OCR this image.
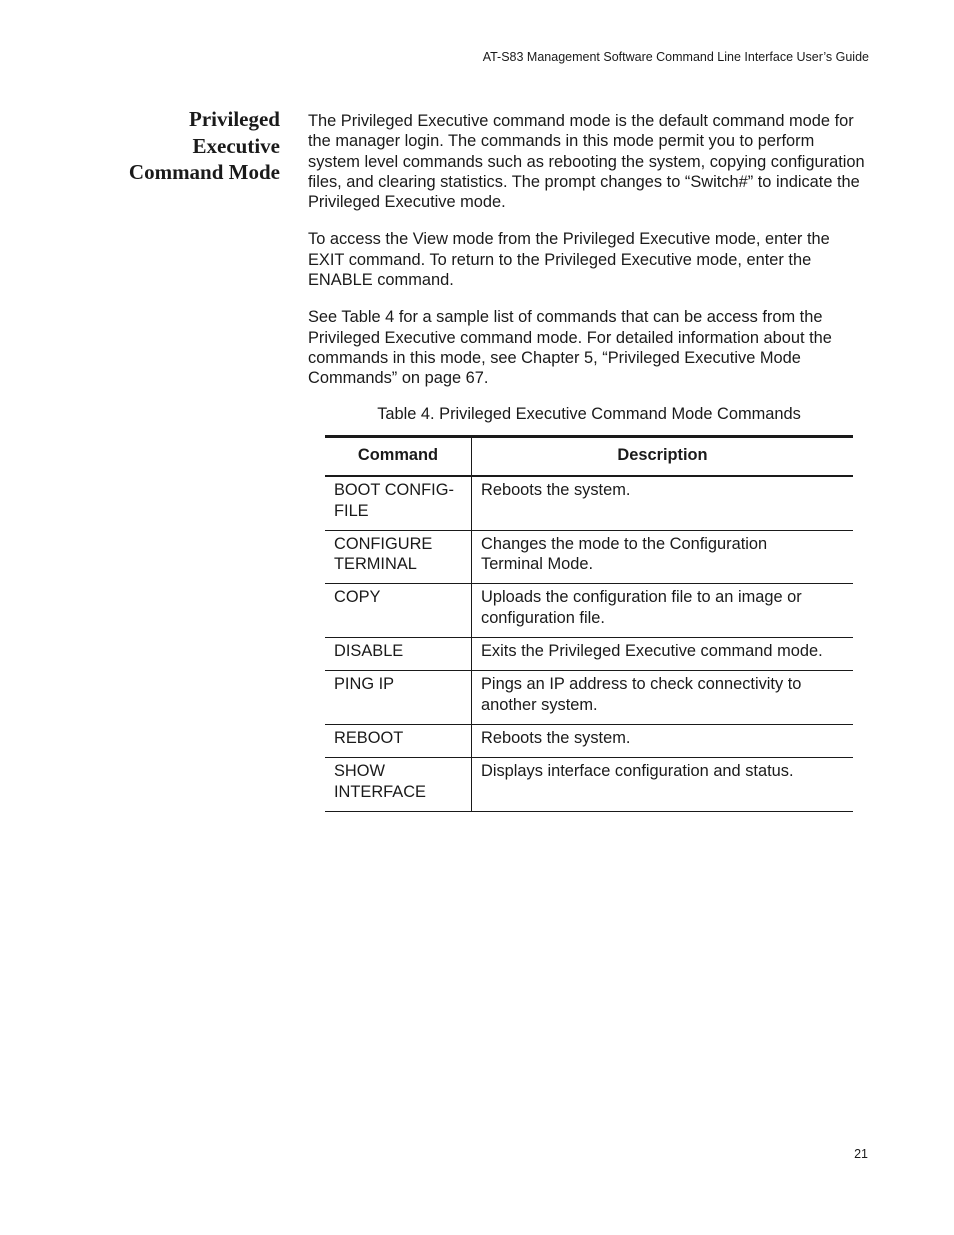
AT-S83 Management Software Command Line Interface User’s Guide
Privileged
Executive
Command Mode

The Privileged Executive command mode is the default command mode for the manager login. The commands in this mode permit you to perform system level commands such as rebooting the system, copying configuration files, and clearing statistics. The prompt changes to “Switch#” to indicate the Privileged Executive mode.

To access the View mode from the Privileged Executive mode, enter the EXIT command. To return to the Privileged Executive mode, enter the ENABLE command.

See Table 4 for a sample list of commands that can be access from the Privileged Executive command mode. For detailed information about the commands in this mode, see Chapter 5, “Privileged Executive Mode Commands” on page 67.

Table 4. Privileged Executive Command Mode Commands
Command	Description
BOOT CONFIG-
FILE	Reboots the system.
CONFIGURE
TERMINAL	Changes the mode to the Configuration
Terminal Mode.
COPY	Uploads the configuration file to an image or
configuration file.
DISABLE	Exits the Privileged Executive command mode.
PING IP	Pings an IP address to check connectivity to
another system.
REBOOT	Reboots the system.
SHOW
INTERFACE	Displays interface configuration and status.
21
